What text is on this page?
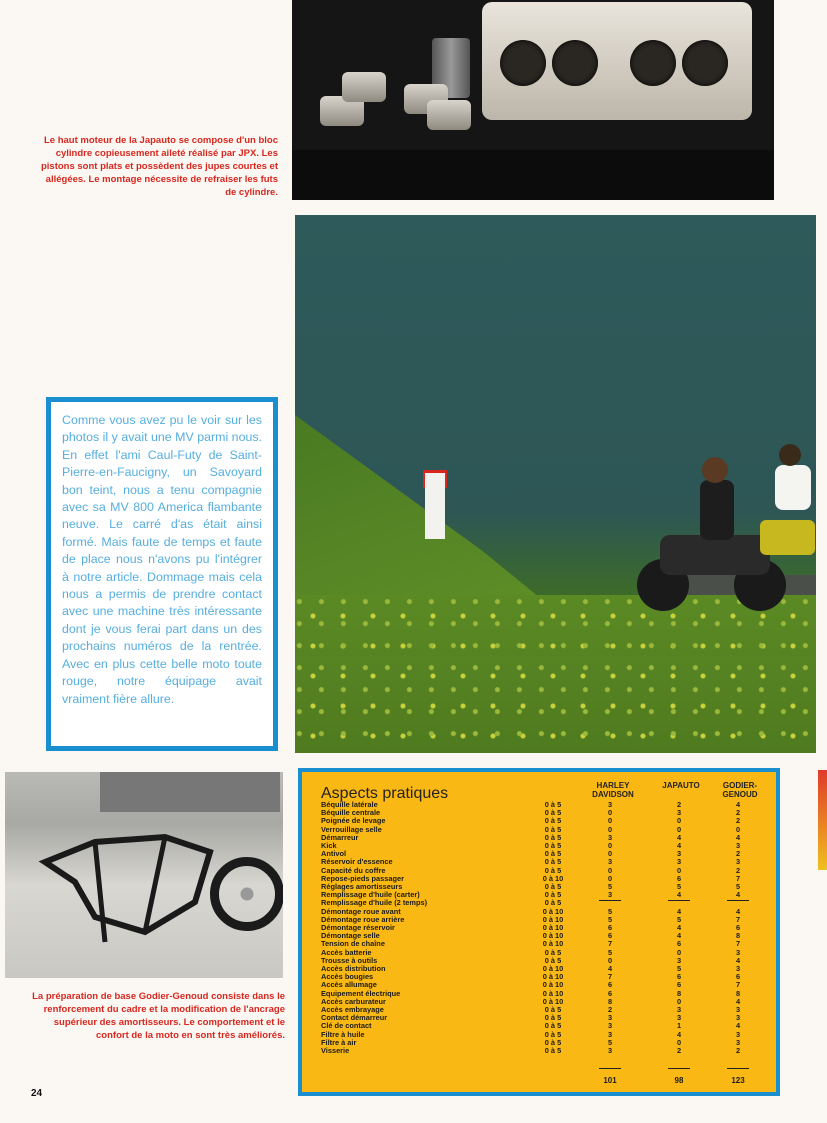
Le haut moteur de la Japauto se compose d'un bloc cylindre copieusement aileté réalisé par JPX. Les pistons sont plats et possèdent des jupes courtes et allégées. Le montage nécessite de refraiser les futs de cylindre.

Comme vous avez pu le voir sur les photos il y avait une MV parmi nous. En effet l'ami Caul-Futy de Saint-Pierre-en-Faucigny, un Savoyard bon teint, nous a tenu compagnie avec sa MV 800 America flambante neuve. Le carré d'as était ainsi formé. Mais faute de temps et faute de place nous n'avons pu l'intégrer à notre article. Dommage mais cela nous a permis de prendre contact avec une machine très intéressante dont je vous ferai part dans un des prochains numéros de la rentrée. Avec en plus cette belle moto toute rouge, notre équipage avait vraiment fière allure.

La préparation de base Godier-Genoud consiste dans le renforcement du cadre et la modification de l'ancrage supérieur des amortisseurs. Le comportement et le confort de la moto en sont très améliorés.

Aspects pratiques	HARLEY DAVIDSON
JAPAUTO	GODIER-GENOUD
Béquille latérale	0 à 5	3	2	4
Béquille centrale	0 à 5	0	3	2
Poignée de levage	0 à 5	0	0	2
Verrouillage selle	0 à 5	0	0	0
Démarreur	0 à 5	3	4	4
Kick	0 à 5	0	4	3
Antivol	0 à 5	0	3	2
Réservoir d'essence	0 à 5	3	3	3
Capacité du coffre	0 à 5	0	0	2
Repose-pieds passager	0 à 10	0	6	7
Réglages amortisseurs	0 à 5	5	5	5
Remplissage d'huile (carter)	0 à 5	3	4	4
Remplissage d'huile (2 temps)	0 à 5
Démontage roue avant	0 à 10	5	4	4
Démontage roue arrière	0 à 10	5	5	7
Démontage réservoir	0 à 10	6	4	6
Démontage selle	0 à 10	6	4	8
Tension de chaîne	0 à 10	7	6	7
Accès batterie	0 à 5	5	0	3
Trousse à outils	0 à 5	0	3	4
Accès distribution	0 à 10	4	5	3
Accès bougies	0 à 10	7	6	6
Accès allumage	0 à 10	6	6	7
Equipement électrique	0 à 10	6	8	8
Accès carburateur	0 à 10	8	0	4
Accès embrayage	0 à 5	2	3	3
Contact démarreur	0 à 5	3	3	3
Clé de contact	0 à 5	3	1	4
Filtre à huile	0 à 5	3	4	3
Filtre à air	0 à 5	5	0	3
Visserie	0 à 5	3	2	2
101	98	123
24
